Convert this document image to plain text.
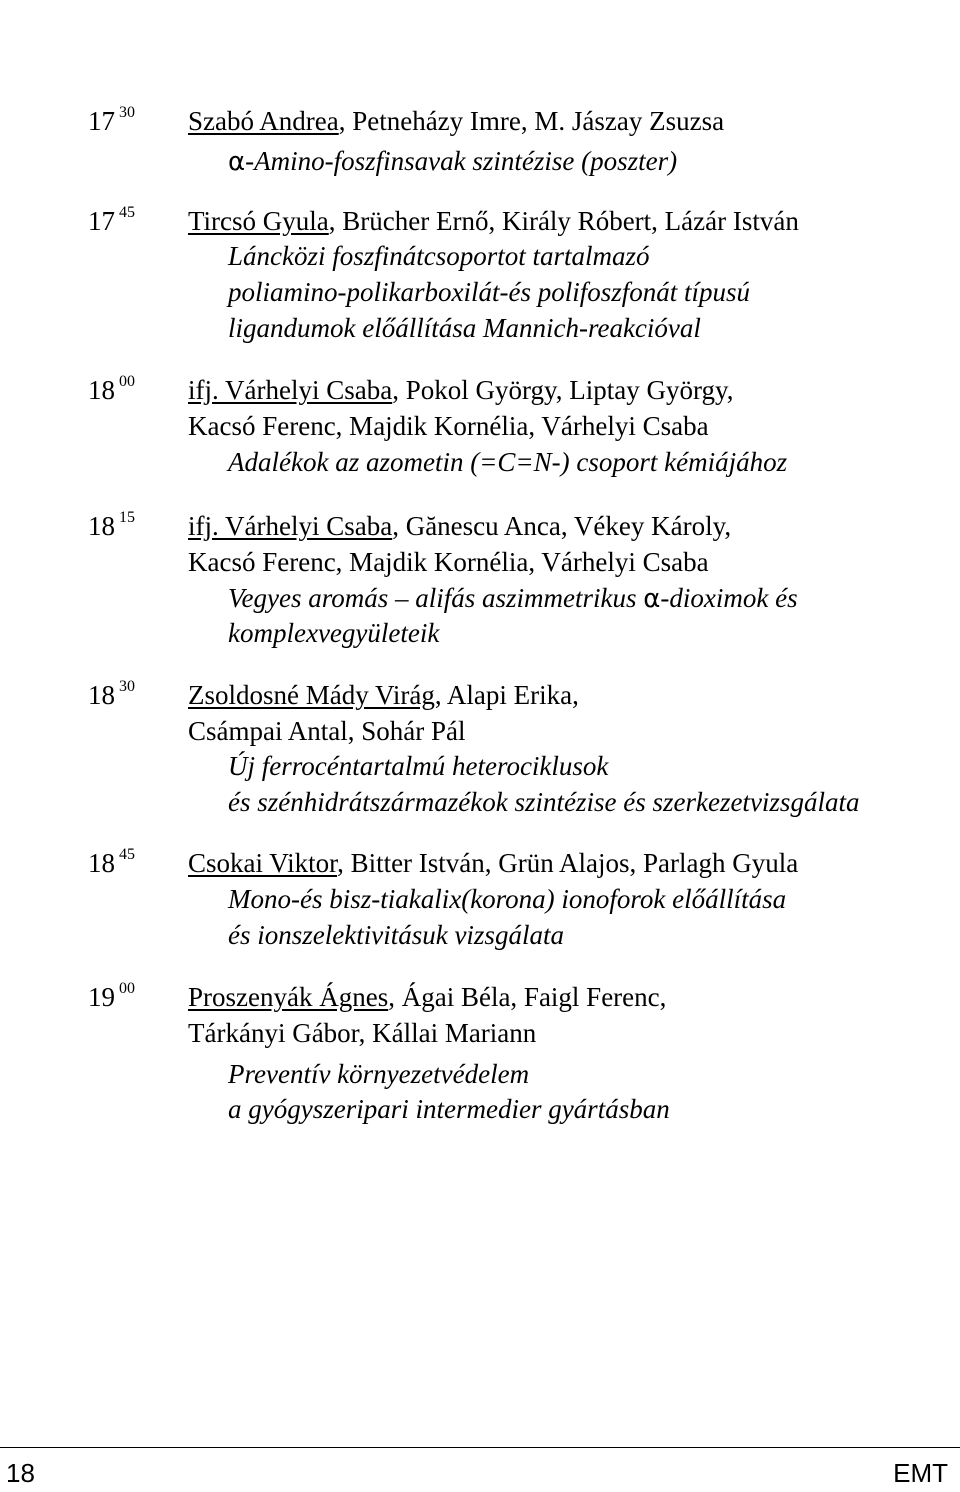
17 $^{30}$ Szabó Andrea, Petneházy Imre, M. Jászay Zsuzsa
α-Amino-foszfinsavak szintézise (poszter)
17 $^{45}$ Tircsó Gyula, Brücher Ernő, Király Róbert, Lázár István
Láncközi foszfinátcsoportot tartalmazó
poliamino-polikarboxilát-és polifoszfonát típusú
ligandumok előállítása Mannich-reakcióval
18 $^{00}$ ifj. Várhelyi Csaba, Pokol György, Liptay György,
Kacsó Ferenc, Majdik Kornélia, Várhelyi Csaba
Adalékok az azometin (=C=N-) csoport kémiájához
18 $^{15}$ ifj. Várhelyi Csaba, Gănescu Anca, Vékey Károly,
Kacsó Ferenc, Majdik Kornélia, Várhelyi Csaba
Vegyes aromás – alifás aszimmetrikus α-dioximok és
komplexvegyületeik
18 $^{30}$ Zsoldosné Mády Virág, Alapi Erika,
Csámpai Antal, Sohár Pál
Új ferrocéntartalmú heterociklusok
és szénhidrátszármazékok szintézise és szerkezetvizsgálata
18 $^{45}$ Csokai Viktor, Bitter István, Grün Alajos, Parlagh Gyula
Mono-és bisz-tiakalix(korona) ionoforok előállítása
és ionszelektivitásuk vizsgálata
19 $^{00}$ Proszenyák Ágnes, Ágai Béla, Faigl Ferenc,
Tárkányi Gábor, Kállai Mariann
Preventív környezetvédelem
a gyógyszeripari intermedier gyártásban
18	EMT
